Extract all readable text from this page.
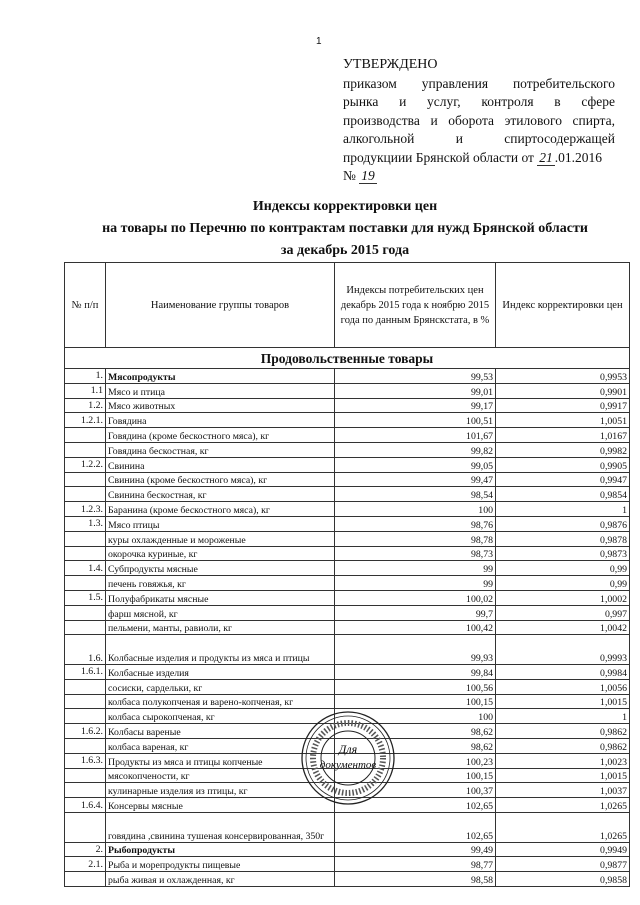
1
УТВЕРЖДЕНО
приказом управления потребительского
рынка и услуг, контроля в сфере
производства и оборота этилового спирта,
алкогольной и спиртосодержащей
продукциии Брянской области от 21 .01.2016
№ 19
Индексы корректировки цен
на товары по Перечню по контрактам поставки для нужд Брянской области
за декабрь 2015 года
№ п/п	Наименование группы товаров	Индексы потребительских цен декабрь 2015 года к ноябрю 2015 года по данным Брянскстата, в %	Индекс корректировки цен
Продовольственные товары			
1.	Мясопродукты	99,53	0,9953
1.1	Мясо и птица	99,01	0,9901
1.2.	Мясо животных	99,17	0,9917
1.2.1.	Говядина	100,51	1,0051
	Говядина (кроме бескостного мяса), кг	101,67	1,0167
	Говядина бескостная, кг	99,82	0,9982
1.2.2.	Свинина	99,05	0,9905
	Свинина (кроме бескостного мяса), кг	99,47	0,9947
	Свинина бескостная, кг	98,54	0,9854
1.2.3.	Баранина (кроме бескостного мяса), кг	100	1
1.3.	Мясо птицы	98,76	0,9876
	куры охлажденные и мороженые	98,78	0,9878
	окорочка куриные, кг	98,73	0,9873
1.4.	Субпродукты мясные	99	0,99
	печень говяжья, кг	99	0,99
1.5.	Полуфабрикаты мясные	100,02	1,0002
	фарш мясной, кг	99,7	0,997
	пельмени, манты, равиоли, кг	100,42	1,0042
1.6.	Колбасные изделия и продукты из мяса и птицы	99,93	0,9993
1.6.1.	Колбасные изделия	99,84	0,9984
	сосиски, сардельки, кг	100,56	1,0056
	колбаса полукопченая и варено-копченая, кг	100,15	1,0015
	колбаса сырокопченая, кг	100	1
1.6.2.	Колбасы вареные	98,62	0,9862
	колбаса вареная, кг	98,62	0,9862
1.6.3.	Продукты из мяса и птицы копченые	100,23	1,0023
	мясокопчености, кг	100,15	1,0015
	кулинарные изделия из птицы, кг	100,37	1,0037
1.6.4.	Консервы мясные	102,65	1,0265
	говядина ,свинина тушеная консервированная, 350г	102,65	1,0265
2.	Рыбопродукты	99,49	0,9949
2.1.	Рыба и морепродукты пищевые	98,77	0,9877
	рыба живая и охлажденная, кг	98,58	0,9858
Для
документов
